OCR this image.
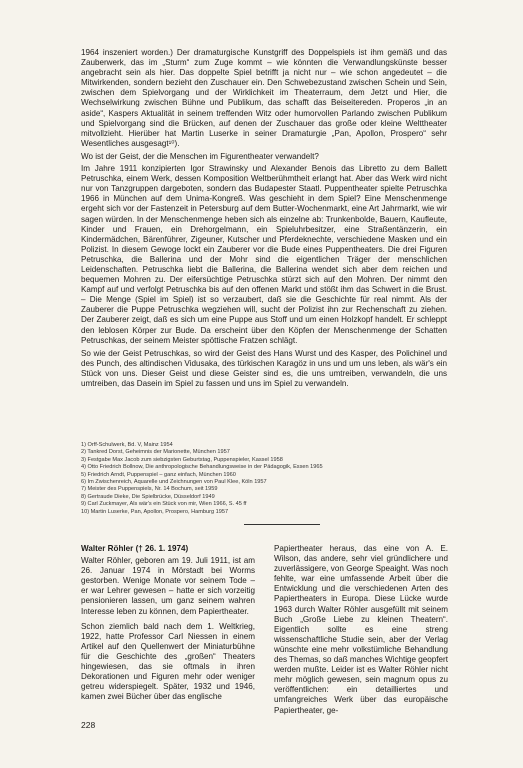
1964 inszeniert worden.) Der dramaturgische Kunstgriff des Doppelspiels ist ihm gemäß und das Zauberwerk, das im „Sturm“ zum Zuge kommt – wie könnten die Verwandlungskünste besser angebracht sein als hier. Das doppelte Spiel betrifft ja nicht nur – wie schon angedeutet – die Mitwirkenden, sondern bezieht den Zuschauer ein. Den Schwebezustand zwischen Schein und Sein, zwischen dem Spielvorgang und der Wirklichkeit im Theaterraum, dem Jetzt und Hier, die Wechselwirkung zwischen Bühne und Publikum, das schafft das Beiseitereden. Properos „in an aside“, Kaspers Aktualität in seinem treffenden Witz oder humorvollen Parlando zwischen Publikum und Spielvorgang sind die Brücken, auf denen der Zuschauer das große oder kleine Welttheater mitvollzieht. Hierüber hat Martin Luserke in seiner Dramaturgie „Pan, Apollon, Prospero“ sehr Wesentliches ausgesagt¹⁰).

Wo ist der Geist, der die Menschen im Figurentheater verwandelt?

Im Jahre 1911 konzipierten Igor Strawinsky und Alexander Benois das Libretto zu dem Ballett Petruschka, einem Werk, dessen Komposition Weltberühmtheit erlangt hat. Aber das Werk wird nicht nur von Tanzgruppen dargeboten, sondern das Budapester Staatl. Puppentheater spielte Petruschka 1966 in München auf dem Unima-Kongreß. Was geschieht in dem Spiel? Eine Menschenmenge ergeht sich vor der Fastenzeit in Petersburg auf dem Butter-Wochenmarkt, eine Art Jahrmarkt, wie wir sagen würden. In der Menschenmenge heben sich als einzelne ab: Trunkenbolde, Bauern, Kaufleute, Kinder und Frauen, ein Drehorgelmann, ein Spieluhrbesitzer, eine Straßentänzerin, ein Kindermädchen, Bärenführer, Zigeuner, Kutscher und Pferdeknechte, verschiedene Masken und ein Polizist. In diesem Gewoge lockt ein Zauberer vor die Bude eines Puppentheaters. Die drei Figuren Petruschka, die Ballerina und der Mohr sind die eigentlichen Träger der menschlichen Leidenschaften. Petruschka liebt die Ballerina, die Ballerina wendet sich aber dem reichen und bequemen Mohren zu. Der eifersüchtige Petruschka stürzt sich auf den Mohren. Der nimmt den Kampf auf und verfolgt Petruschka bis auf den offenen Markt und stößt ihm das Schwert in die Brust. – Die Menge (Spiel im Spiel) ist so verzaubert, daß sie die Geschichte für real nimmt. Als der Zauberer die Puppe Petruschka wegziehen will, sucht der Polizist ihn zur Rechenschaft zu ziehen. Der Zauberer zeigt, daß es sich um eine Puppe aus Stoff und um einen Holzkopf handelt. Er schleppt den leblosen Körper zur Bude. Da erscheint über den Köpfen der Menschenmenge der Schatten Petruschkas, der seinem Meister spöttische Fratzen schlägt.

So wie der Geist Petruschkas, so wird der Geist des Hans Wurst und des Kasper, des Polichinel und des Punch, des altindischen Vidusaka, des türkischen Karagöz in uns und um uns leben, als wär's ein Stück von uns. Dieser Geist und diese Geister sind es, die uns umtreiben, verwandeln, die uns umtreiben, das Dasein im Spiel zu fassen und uns im Spiel zu verwandeln.

1) Orff-Schulwerk, Bd. V, Mainz 1954
2) Tankred Dorst, Geheimnis der Marionette, München 1957
3) Festgabe Max Jacob zum siebzigsten Geburtstag, Puppenspieler, Kassel 1958
4) Otto Friedrich Bollnow, Die anthropologische Behandlungsweise in der Pädagogik, Essen 1965
5) Friedrich Arndt, Puppenspiel – ganz einfach, München 1960
6) Im Zwischenreich, Aquarelle und Zeichnungen von Paul Klee, Köln 1957
7) Meister des Puppenspiels, Nr. 14 Bochum, seit 1959
8) Gertraude Dieke, Die Spielbrücke, Düsseldorf 1949
9) Carl Zuckmayer, Als wär's ein Stück von mir, Wien 1966, S. 45 ff
10) Martin Luserke, Pan, Apollon, Prospero, Hamburg 1957

Walter Röhler († 26. 1. 1974)

Walter Röhler, geboren am 19. Juli 1911, ist am 26. Januar 1974 in Mörstadt bei Worms gestorben. Wenige Monate vor seinem Tode – er war Lehrer gewesen – hatte er sich vorzeitig pensionieren lassen, um ganz seinem wahren Interesse leben zu können, dem Papiertheater.

Schon ziemlich bald nach dem 1. Weltkrieg, 1922, hatte Professor Carl Niessen in einem Artikel auf den Quellenwert der Miniaturbühne für die Geschichte des „großen“ Theaters hingewiesen, das sie oftmals in ihren Dekorationen und Figuren mehr oder weniger getreu widerspiegelt. Später, 1932 und 1946, kamen zwei Bücher über das englische

Papiertheater heraus, das eine von A. E. Wilson, das andere, sehr viel gründlichere und zuverlässigere, von George Speaight. Was noch fehlte, war eine umfassende Arbeit über die Entwicklung und die verschiedenen Arten des Papiertheaters in Europa. Diese Lücke wurde 1963 durch Walter Röhler ausgefüllt mit seinem Buch „Große Liebe zu kleinen Theatern“. Eigentlich sollte es eine streng wissenschaftliche Studie sein, aber der Verlag wünschte eine mehr volkstümliche Behandlung des Themas, so daß manches Wichtige geopfert werden mußte. Leider ist es Walter Röhler nicht mehr möglich gewesen, sein magnum opus zu veröffentlichen: ein detailliertes und umfangreiches Werk über das europäische Papiertheater, ge-

228
